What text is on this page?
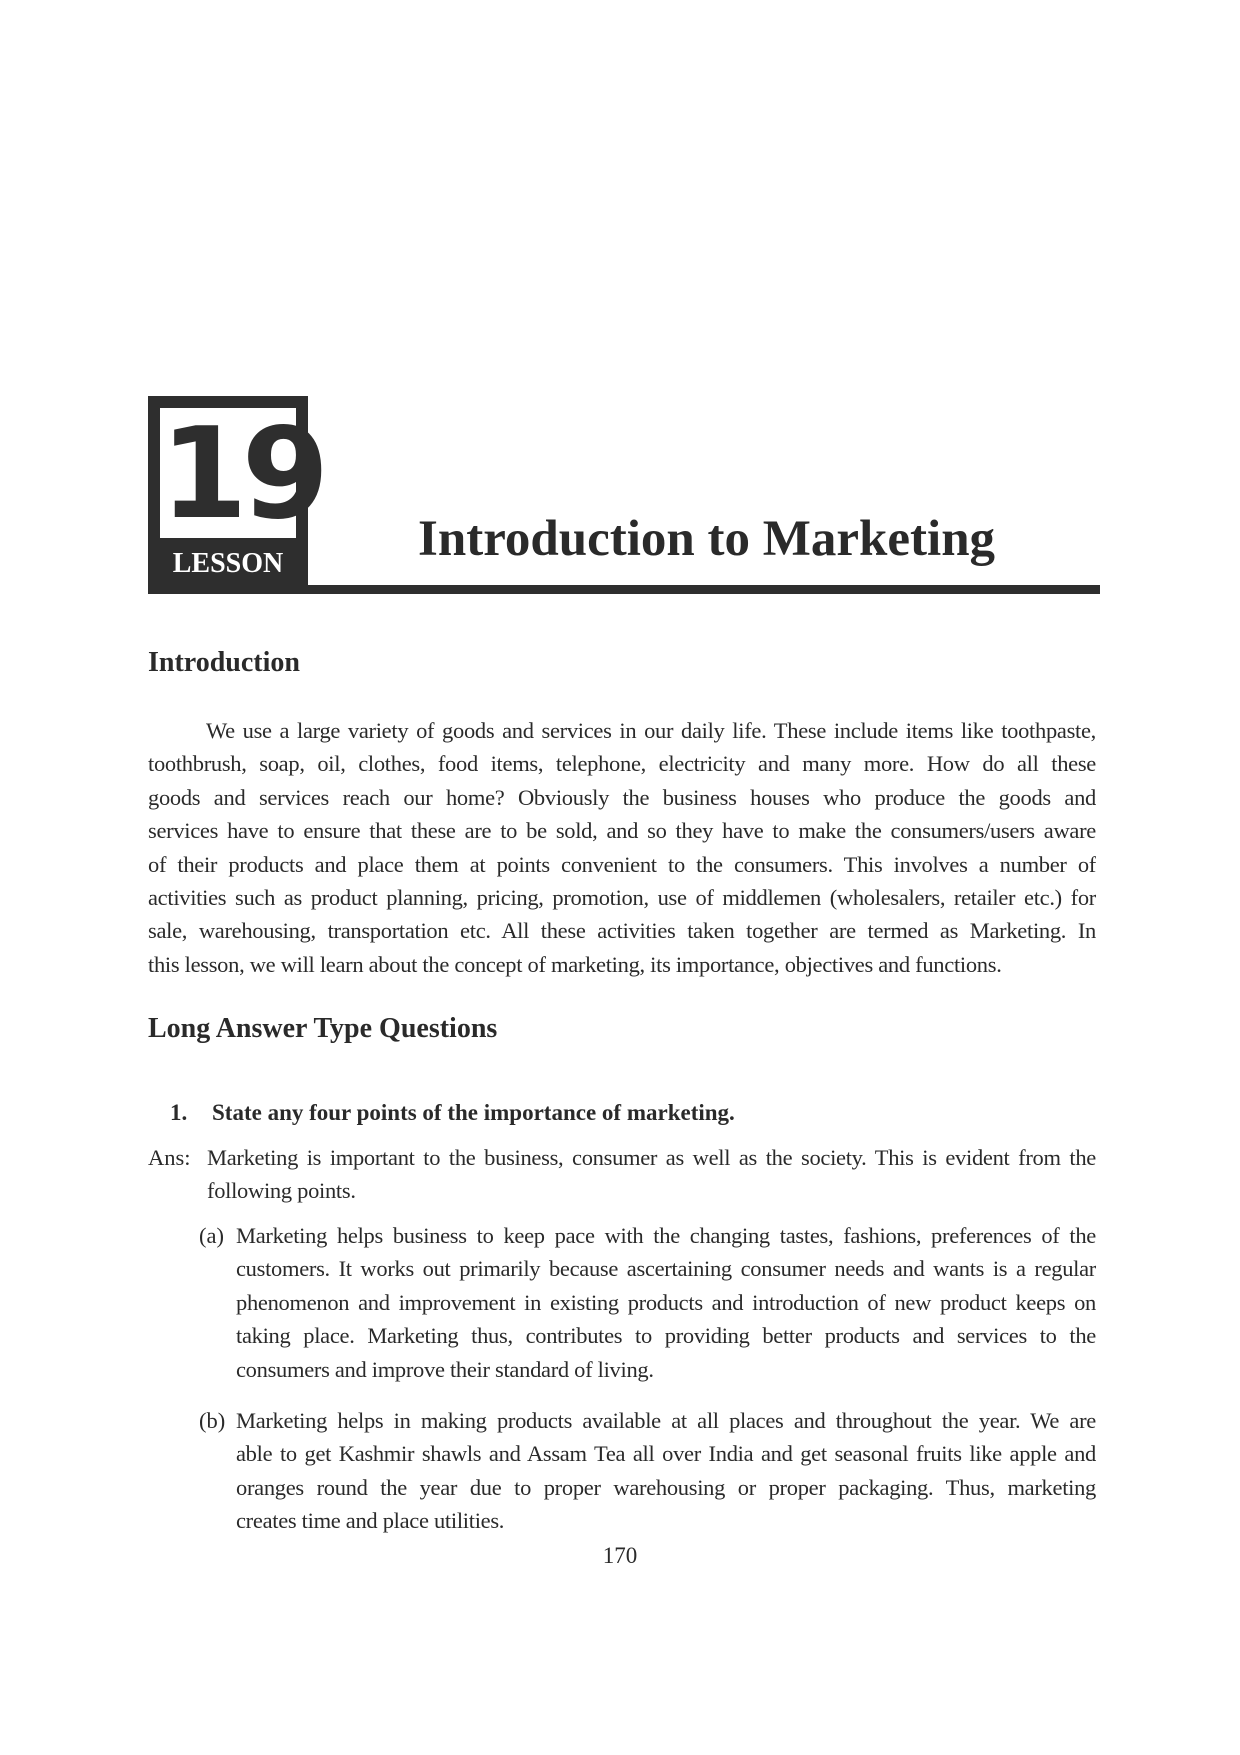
19
LESSON	Introduction to Marketing
Introduction
We use a large variety of goods and services in our daily life. These include items like toothpaste,
toothbrush, soap, oil, clothes, food items, telephone, electricity and many more. How do all these
goods and services reach our home? Obviously the business houses who produce the goods and
services have to ensure that these are to be sold, and so they have to make the consumers/users aware
of their products and place them at points convenient to the consumers. This involves a number of
activities such as product planning, pricing, promotion, use of middlemen (wholesalers, retailer etc.) for
sale, warehousing, transportation etc. All these activities taken together are termed as Marketing. In
this lesson, we will learn about the concept of marketing, its importance, objectives and functions.
Long Answer Type Questions
1. State any four points of the importance of marketing.
Ans: Marketing is important to the business, consumer as well as the society. This is evident from the
following points.
(a) Marketing helps business to keep pace with the changing tastes, fashions, preferences of the
customers. It works out primarily because ascertaining consumer needs and wants is a regular
phenomenon and improvement in existing products and introduction of new product keeps on
taking place. Marketing thus, contributes to providing better products and services to the
consumers and improve their standard of living.
(b) Marketing helps in making products available at all places and throughout the year. We are
able to get Kashmir shawls and Assam Tea all over India and get seasonal fruits like apple and
oranges round the year due to proper warehousing or proper packaging. Thus, marketing
creates time and place utilities.
170
